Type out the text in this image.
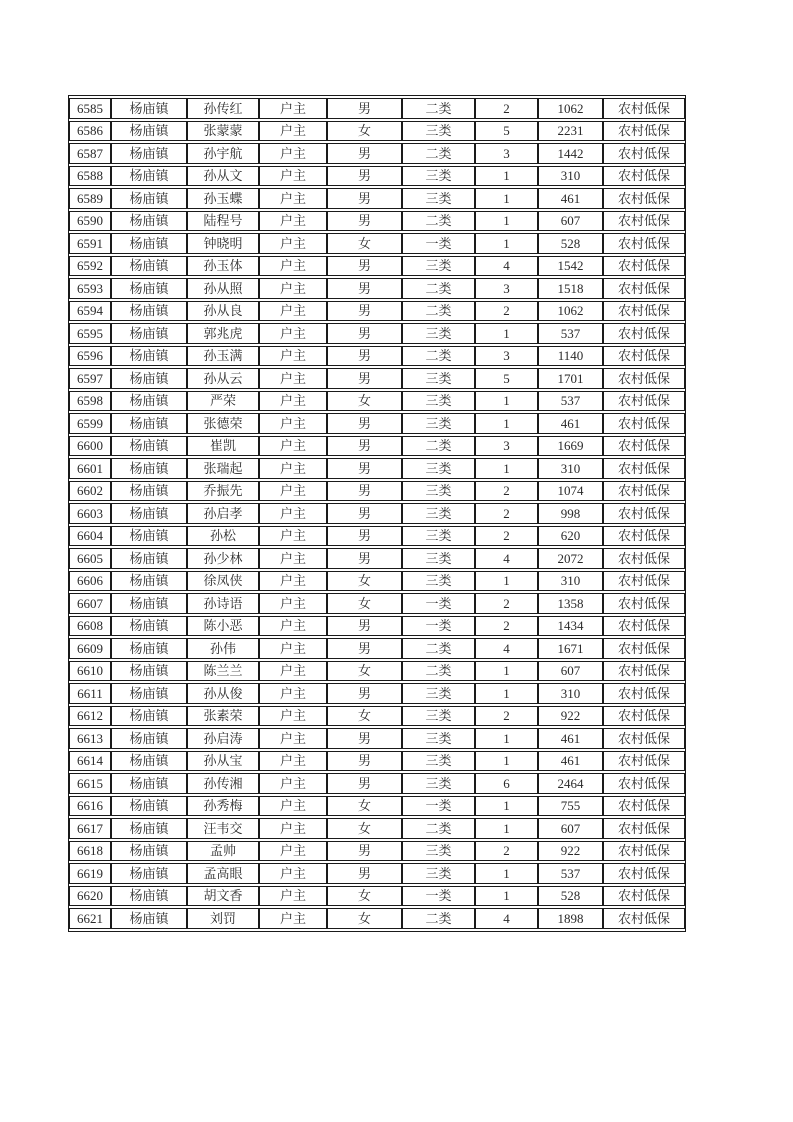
6585	杨庙镇	孙传红	户主	男	二类	2	1062	农村低保
6586	杨庙镇	张蒙蒙	户主	女	三类	5	2231	农村低保
6587	杨庙镇	孙宇航	户主	男	二类	3	1442	农村低保
6588	杨庙镇	孙从文	户主	男	三类	1	310	农村低保
6589	杨庙镇	孙玉蝶	户主	男	三类	1	461	农村低保
6590	杨庙镇	陆程号	户主	男	二类	1	607	农村低保
6591	杨庙镇	钟晓明	户主	女	一类	1	528	农村低保
6592	杨庙镇	孙玉体	户主	男	三类	4	1542	农村低保
6593	杨庙镇	孙从照	户主	男	二类	3	1518	农村低保
6594	杨庙镇	孙从良	户主	男	二类	2	1062	农村低保
6595	杨庙镇	郭兆虎	户主	男	三类	1	537	农村低保
6596	杨庙镇	孙玉满	户主	男	二类	3	1140	农村低保
6597	杨庙镇	孙从云	户主	男	三类	5	1701	农村低保
6598	杨庙镇	严荣	户主	女	三类	1	537	农村低保
6599	杨庙镇	张德荣	户主	男	三类	1	461	农村低保
6600	杨庙镇	崔凯	户主	男	二类	3	1669	农村低保
6601	杨庙镇	张瑞起	户主	男	三类	1	310	农村低保
6602	杨庙镇	乔振先	户主	男	三类	2	1074	农村低保
6603	杨庙镇	孙启孝	户主	男	三类	2	998	农村低保
6604	杨庙镇	孙松	户主	男	三类	2	620	农村低保
6605	杨庙镇	孙少林	户主	男	三类	4	2072	农村低保
6606	杨庙镇	徐凤侠	户主	女	三类	1	310	农村低保
6607	杨庙镇	孙诗语	户主	女	一类	2	1358	农村低保
6608	杨庙镇	陈小恶	户主	男	一类	2	1434	农村低保
6609	杨庙镇	孙伟	户主	男	二类	4	1671	农村低保
6610	杨庙镇	陈兰兰	户主	女	二类	1	607	农村低保
6611	杨庙镇	孙从俊	户主	男	三类	1	310	农村低保
6612	杨庙镇	张素荣	户主	女	三类	2	922	农村低保
6613	杨庙镇	孙启涛	户主	男	三类	1	461	农村低保
6614	杨庙镇	孙从宝	户主	男	三类	1	461	农村低保
6615	杨庙镇	孙传湘	户主	男	三类	6	2464	农村低保
6616	杨庙镇	孙秀梅	户主	女	一类	1	755	农村低保
6617	杨庙镇	汪韦交	户主	女	二类	1	607	农村低保
6618	杨庙镇	孟帅	户主	男	三类	2	922	农村低保
6619	杨庙镇	孟高眼	户主	男	三类	1	537	农村低保
6620	杨庙镇	胡文香	户主	女	一类	1	528	农村低保
6621	杨庙镇	刘罚	户主	女	二类	4	1898	农村低保
